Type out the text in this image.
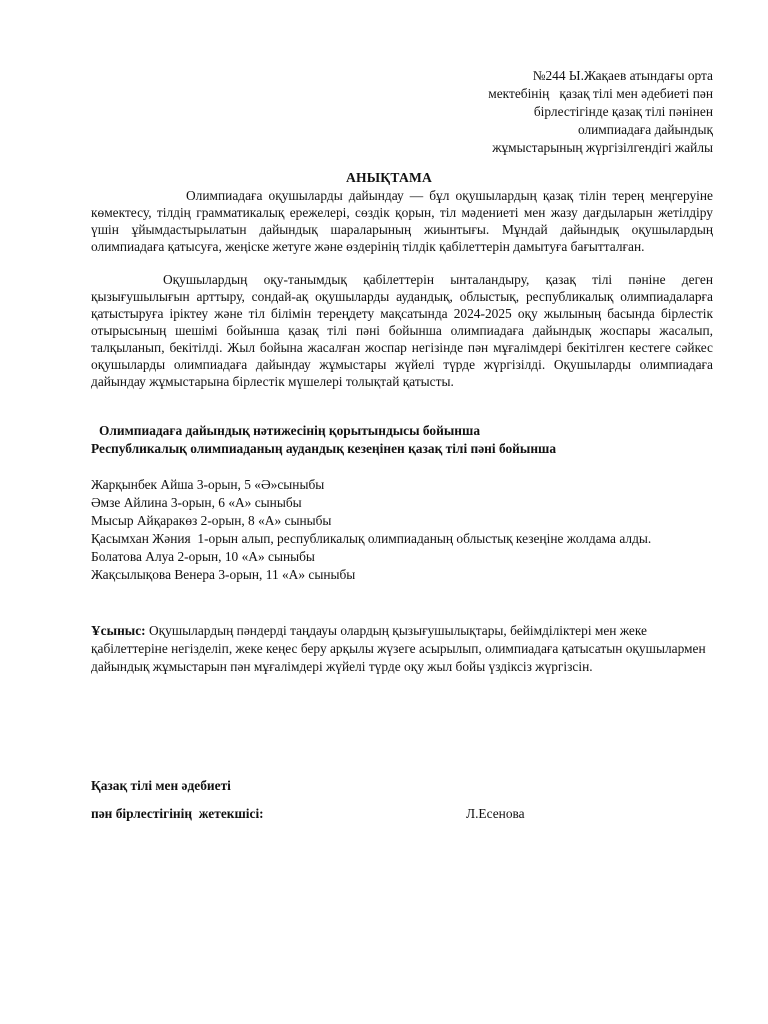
№244 Ы.Жақаев атындағы орта
мектебінің   қазақ тілі мен әдебиеті пән
бірлестігінде қазақ тілі пәнінен
олимпиадаға дайындық
жұмыстарының жүргізілгендігі жайлы
АНЫҚТАМА
Олимпиадаға оқушыларды дайындау — бұл оқушылардың қазақ тілін терең меңгеруіне көмектесу, тілдің грамматикалық ережелері, сөздік қорын, тіл мәдениеті мен жазу дағдыларын жетілдіру үшін ұйымдастырылатын дайындық шараларының жиынтығы. Мұндай дайындық оқушылардың олимпиадаға қатысуға, жеңіске жетуге және өздерінің тілдік қабілеттерін дамытуға бағытталған.
Оқушылардың оқу-танымдық қабілеттерін ынталандыру, қазақ тілі пәніне деген қызығушылығын арттыру, сондай-ақ оқушыларды аудандық, облыстық, республикалық олимпиадаларға қатыстыруға іріктеу және тіл білімін тереңдету мақсатында 2024-2025 оқу жылының басында бірлестік отырысының шешімі бойынша қазақ тілі пәні бойынша олимпиадаға дайындық жоспары жасалып, талқыланып, бекітілді. Жыл бойына жасалған жоспар негізінде пән мұғалімдері бекітілген кестеге сәйкес оқушыларды олимпиадаға дайындау жұмыстары жүйелі түрде жүргізілді. Оқушыларды олимпиадаға дайындау жұмыстарына бірлестік мүшелері толықтай қатысты.
Олимпиадаға дайындық нәтижесінің қорытындысы бойынша
Республикалық олимпиаданың аудандық кезеңінен қазақ тілі пәні бойынша
Жарқынбек Айша 3-орын, 5 «Ә»сыныбы
Әмзе Айлина 3-орын, 6 «А» сыныбы
Мысыр Айқаракөз 2-орын, 8 «А» сыныбы
Қасымхан Жәния  1-орын алып, республикалық олимпиаданың облыстық кезеңіне жолдама алды.
Болатова Алуа 2-орын, 10 «А» сыныбы
Жақсылықова Венера 3-орын, 11 «А» сыныбы
Ұсыныс: Оқушылардың пәндерді таңдауы олардың қызығушылықтары, бейімділіктері мен жеке қабілеттеріне негізделіп, жеке кеңес беру арқылы жүзеге асырылып, олимпиадаға қатысатын оқушылармен дайындық жұмыстарын пән мұғалімдері жүйелі түрде оқу жыл бойы үздіксіз жүргізсін.
Қазақ тілі мен әдебиеті
пән бірлестігінің  жетекшісі:	Л.Есенова
